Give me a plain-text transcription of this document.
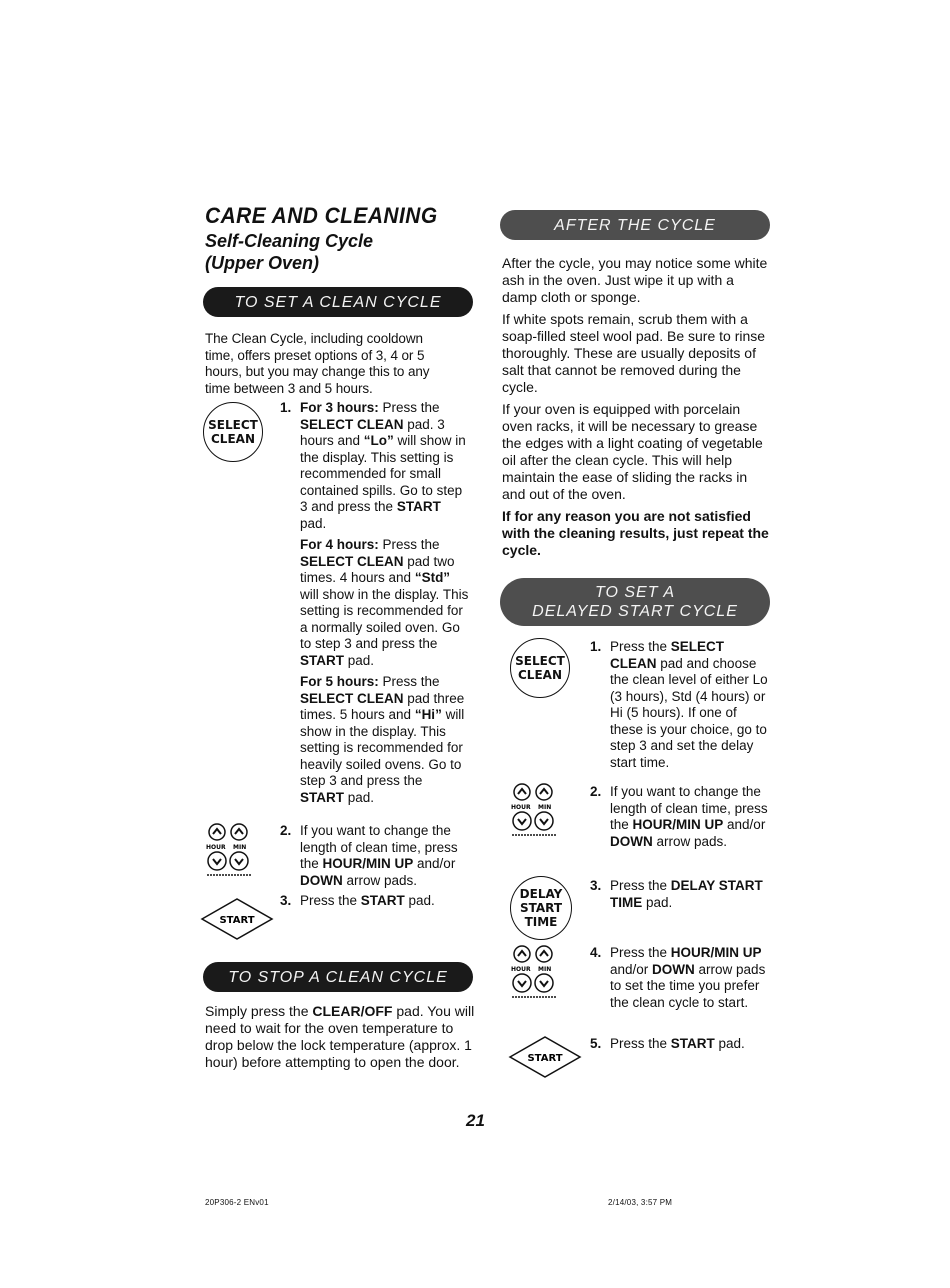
CARE AND CLEANING
Self-Cleaning Cycle
(Upper Oven)
TO SET A CLEAN CYCLE

The Clean Cycle, including cooldown time, offers preset options of 3, 4 or 5 hours, but you may change this to any time between 3 and 5 hours.

SELECT
CLEAN
1. For 3 hours: Press the SELECT CLEAN pad. 3 hours and “Lo” will show in the display. This setting is recommended for small contained spills. Go to step 3 and press the START pad.

For 4 hours: Press the SELECT CLEAN pad two times. 4 hours and “Std” will show in the display. This setting is recommended for a normally soiled oven. Go to step 3 and press the START pad.

For 5 hours: Press the SELECT CLEAN pad three times. 5 hours and “Hi” will show in the display. This setting is recommended for heavily soiled ovens. Go to step 3 and press the START pad.

HOUR MIN
2. If you want to change the length of clean time, press the HOUR/MIN UP and/or DOWN arrow pads.

START
3. Press the START pad.

TO STOP A CLEAN CYCLE

Simply press the CLEAR/OFF pad. You will need to wait for the oven temperature to drop below the lock temperature (approx. 1 hour) before attempting to open the door.

AFTER THE CYCLE

After the cycle, you may notice some white ash in the oven. Just wipe it up with a damp cloth or sponge.

If white spots remain, scrub them with a soap-filled steel wool pad. Be sure to rinse thoroughly. These are usually deposits of salt that cannot be removed during the cycle.

If your oven is equipped with porcelain oven racks, it will be necessary to grease the edges with a light coating of vegetable oil after the clean cycle. This will help maintain the ease of sliding the racks in and out of the oven.

If for any reason you are not satisfied with the cleaning results, just repeat the cycle.

TO SET A
DELAYED START CYCLE
SELECT
CLEAN
1. Press the SELECT CLEAN pad and choose the clean level of either Lo (3 hours), Std (4 hours) or Hi (5 hours). If one of these is your choice, go to step 3 and set the delay start time.

HOUR MIN
2. If you want to change the length of clean time, press the HOUR/MIN UP and/or DOWN arrow pads.

DELAY
START
TIME
3. Press the DELAY START TIME pad.

HOUR MIN
4. Press the HOUR/MIN UP and/or DOWN arrow pads to set the time you prefer the clean cycle to start.

START
5. Press the START pad.

21
20P306-2 ENv01	2/14/03, 3:57 PM
